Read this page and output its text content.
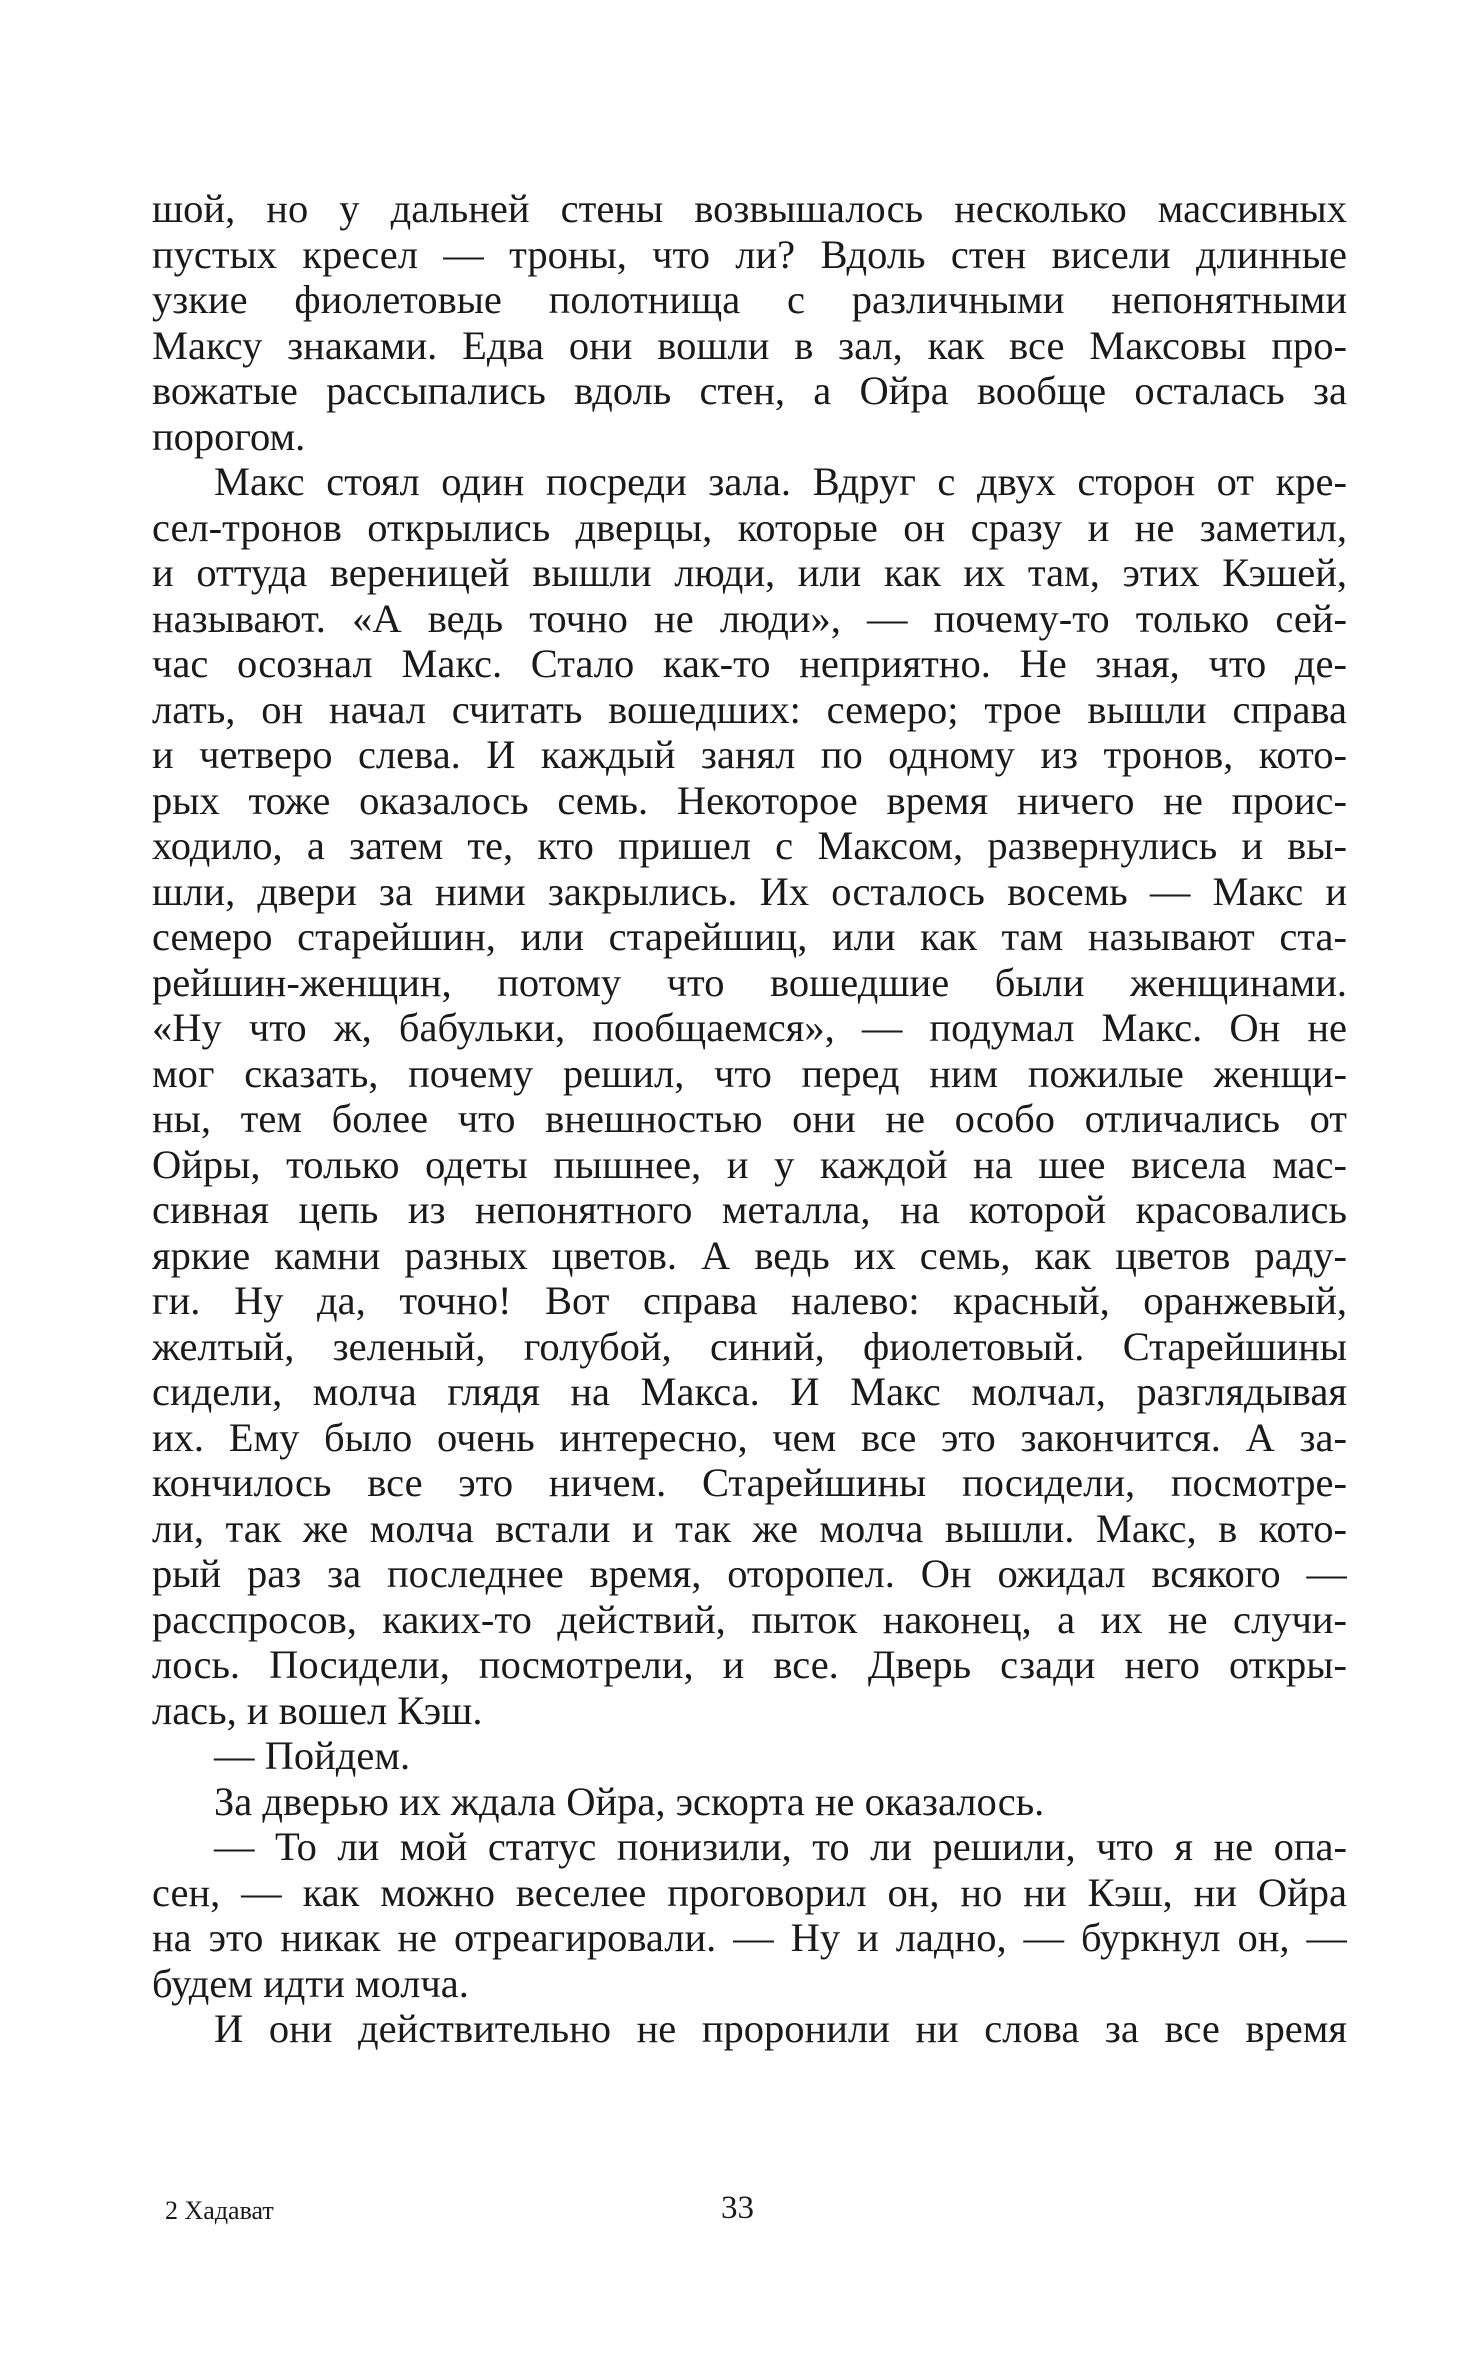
шой, но у дальней стены возвышалось несколько массивных
пустых кресел — троны, что ли? Вдоль стен висели длинные
узкие фиолетовые полотнища с различными непонятными
Максу знаками. Едва они вошли в зал, как все Максовы про-
вожатые рассыпались вдоль стен, а Ойра вообще осталась за
порогом.
Макс стоял один посреди зала. Вдруг с двух сторон от кре-
сел-тронов открылись дверцы, которые он сразу и не заметил,
и оттуда вереницей вышли люди, или как их там, этих Кэшей,
называют. «А ведь точно не люди», — почему-то только сей-
час осознал Макс. Стало как-то неприятно. Не зная, что де-
лать, он начал считать вошедших: семеро; трое вышли справа
и четверо слева. И каждый занял по одному из тронов, кото-
рых тоже оказалось семь. Некоторое время ничего не проис-
ходило, а затем те, кто пришел с Максом, развернулись и вы-
шли, двери за ними закрылись. Их осталось восемь — Макс и
семеро старейшин, или старейшиц, или как там называют ста-
рейшин-женщин, потому что вошедшие были женщинами.
«Ну что ж, бабульки, пообщаемся», — подумал Макс. Он не
мог сказать, почему решил, что перед ним пожилые женщи-
ны, тем более что внешностью они не особо отличались от
Ойры, только одеты пышнее, и у каждой на шее висела мас-
сивная цепь из непонятного металла, на которой красовались
яркие камни разных цветов. А ведь их семь, как цветов раду-
ги. Ну да, точно! Вот справа налево: красный, оранжевый,
желтый, зеленый, голубой, синий, фиолетовый. Старейшины
сидели, молча глядя на Макса. И Макс молчал, разглядывая
их. Ему было очень интересно, чем все это закончится. А за-
кончилось все это ничем. Старейшины посидели, посмотре-
ли, так же молча встали и так же молча вышли. Макс, в кото-
рый раз за последнее время, оторопел. Он ожидал всякого —
расспросов, каких-то действий, пыток наконец, а их не случи-
лось. Посидели, посмотрели, и все. Дверь сзади него откры-
лась, и вошел Кэш.
— Пойдем.
За дверью их ждала Ойра, эскорта не оказалось.
— То ли мой статус понизили, то ли решили, что я не опа-
сен, — как можно веселее проговорил он, но ни Кэш, ни Ойра
на это никак не отреагировали. — Ну и ладно, — буркнул он, —
будем идти молча.
И они действительно не проронили ни слова за все время
2 Хадават	33
